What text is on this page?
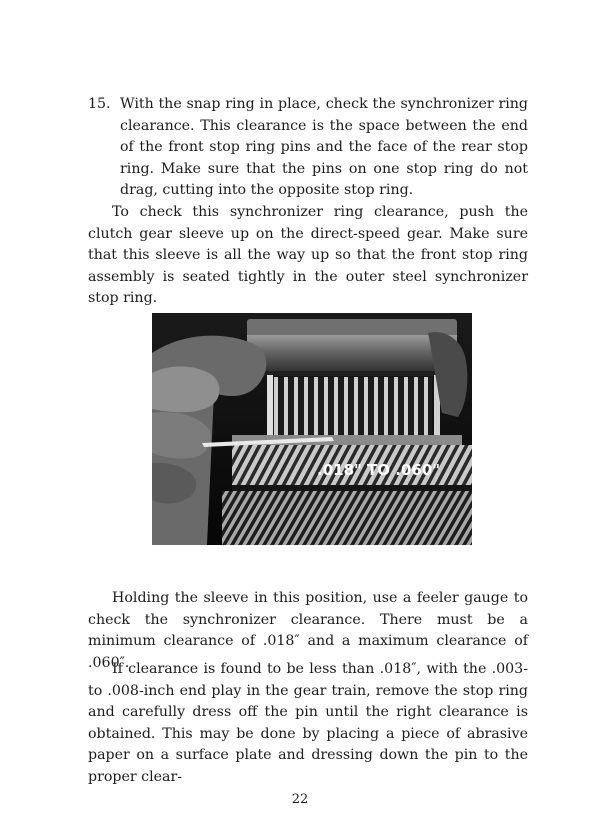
15. With the snap ring in place, check the synchronizer ring clearance. This clearance is the space between the end of the front stop ring pins and the face of the rear stop ring. Make sure that the pins on one stop ring do not drag, cutting into the opposite stop ring.

To check this synchronizer ring clearance, push the clutch gear sleeve up on the direct-speed gear. Make sure that this sleeve is all the way up so that the front stop ring assembly is seated tightly in the outer steel synchronizer stop ring.

.018" TO .060"

Holding the sleeve in this position, use a feeler gauge to check the synchronizer clearance. There must be a minimum clearance of .018″ and a maximum clearance of .060″.

If clearance is found to be less than .018″, with the .003-to .008-inch end play in the gear train, remove the stop ring and carefully dress off the pin until the right clearance is obtained. This may be done by placing a piece of abrasive paper on a surface plate and dressing down the pin to the proper clear-

22
